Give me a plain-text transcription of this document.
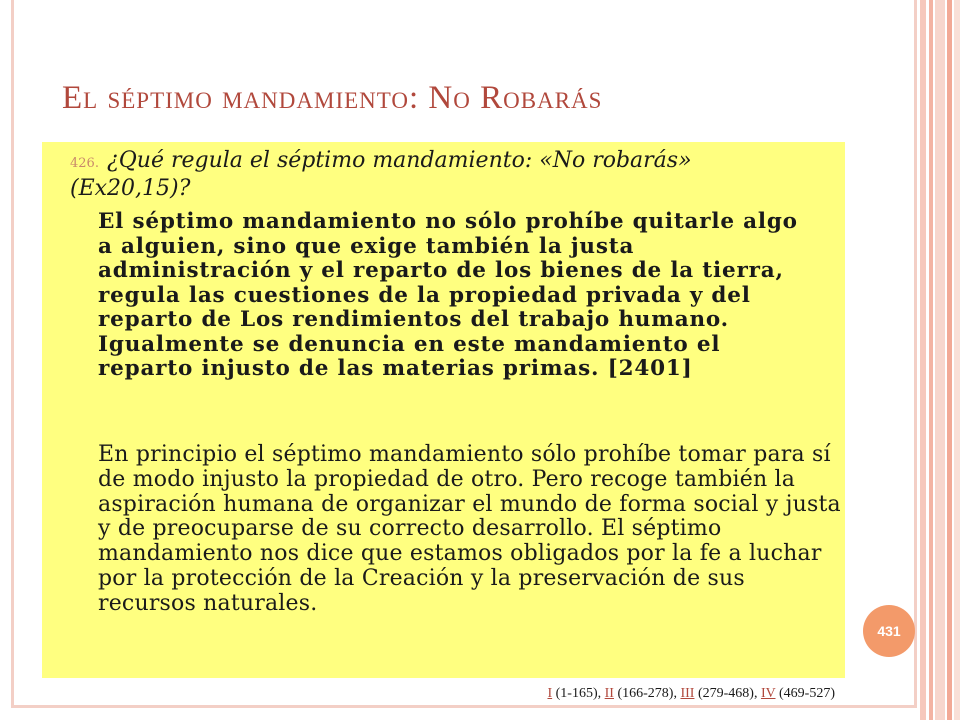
El séptimo mandamiento: No Robarás
426. ¿Qué regula el séptimo mandamiento: «No robarás» (Ex20,15)?
El séptimo mandamiento no sólo prohíbe quitarle algo a alguien, sino que exige también la justa administración y el reparto de los bienes de la tierra, regula las cuestiones de la propiedad privada y del reparto de Los rendimientos del trabajo humano. Igualmente se denuncia en este mandamiento el reparto injusto de las materias primas. [2401]
En principio el séptimo mandamiento sólo prohíbe tomar para sí de modo injusto la propiedad de otro. Pero recoge también la aspiración humana de organizar el mundo de forma social y justa y de preocuparse de su correcto desarrollo. El séptimo mandamiento nos dice que estamos obligados por la fe a luchar por la protección de la Creación y la preservación de sus recursos naturales.
431
I (1-165), II (166-278), III (279-468), IV (469-527)
